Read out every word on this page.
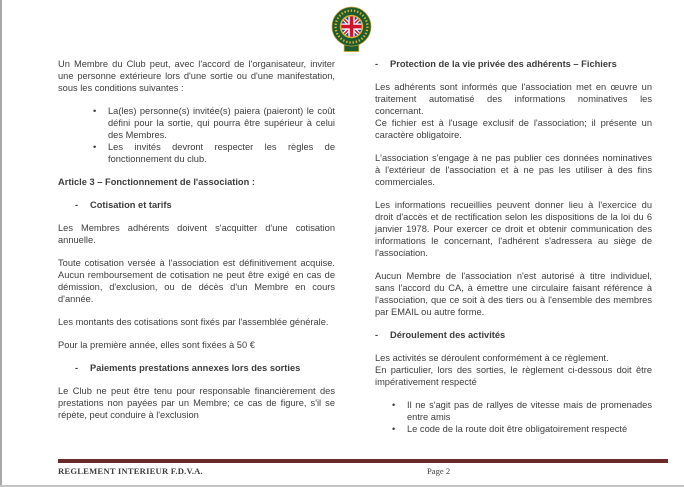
Un Membre du Club peut, avec l'accord de l'organisateur, inviter une personne extérieure lors d'une sortie ou d'une manifestation, sous les conditions suivantes :

•	La(les) personne(s) invitée(s) paiera (paieront) le coût défini pour la sortie, qui pourra être supérieur à celui des Membres.
•	Les invités devront respecter les règles de fonctionnement du club.

Article 3 – Fonctionnement de l'association :

-	Cotisation et tarifs

Les Membres adhérents doivent s'acquitter d'une cotisation annuelle.

Toute cotisation versée à l'association est définitivement acquise. Aucun remboursement de cotisation ne peut être exigé en cas de démission, d'exclusion, ou de décès d'un Membre en cours d'année.

Les montants des cotisations sont fixés par l'assemblée générale.

Pour la première année, elles sont fixées à 50 €

-	Paiements prestations annexes lors des sorties

Le Club ne peut être tenu pour responsable financièrement des prestations non payées par un Membre; ce cas de figure, s'il se répète, peut conduire à l'exclusion

-	Protection de la vie privée des adhérents – Fichiers

Les adhérents sont informés que l'association met en œuvre un traitement automatisé des informations nominatives les concernant.

Ce fichier est à l'usage exclusif de l'association; il présente un caractère obligatoire.

L'association s'engage à ne pas publier ces données nominatives à l'extérieur de l'association et à ne pas les utiliser à des fins commerciales.

Les informations recueillies peuvent donner lieu à l'exercice du droit d'accès et de rectification selon les dispositions de la loi du 6 janvier 1978. Pour exercer ce droit et obtenir communication des informations le concernant, l'adhérent s'adressera au siège de l'association.

Aucun Membre de l'association n'est autorisé à titre individuel, sans l'accord du CA, à émettre une circulaire faisant référence à l'association, que ce soit à des tiers ou à l'ensemble des membres par EMAIL ou autre forme.

-	Déroulement des activités

Les activités se déroulent conformément à ce règlement.

En particulier, lors des sorties, le règlement ci-dessous doit être impérativement respecté

•	Il ne s'agit pas de rallyes de vitesse mais de promenades entre amis
•	Le code de la route doit être obligatoirement respecté
REGLEMENT INTERIEUR F.D.V.A.	Page 2
